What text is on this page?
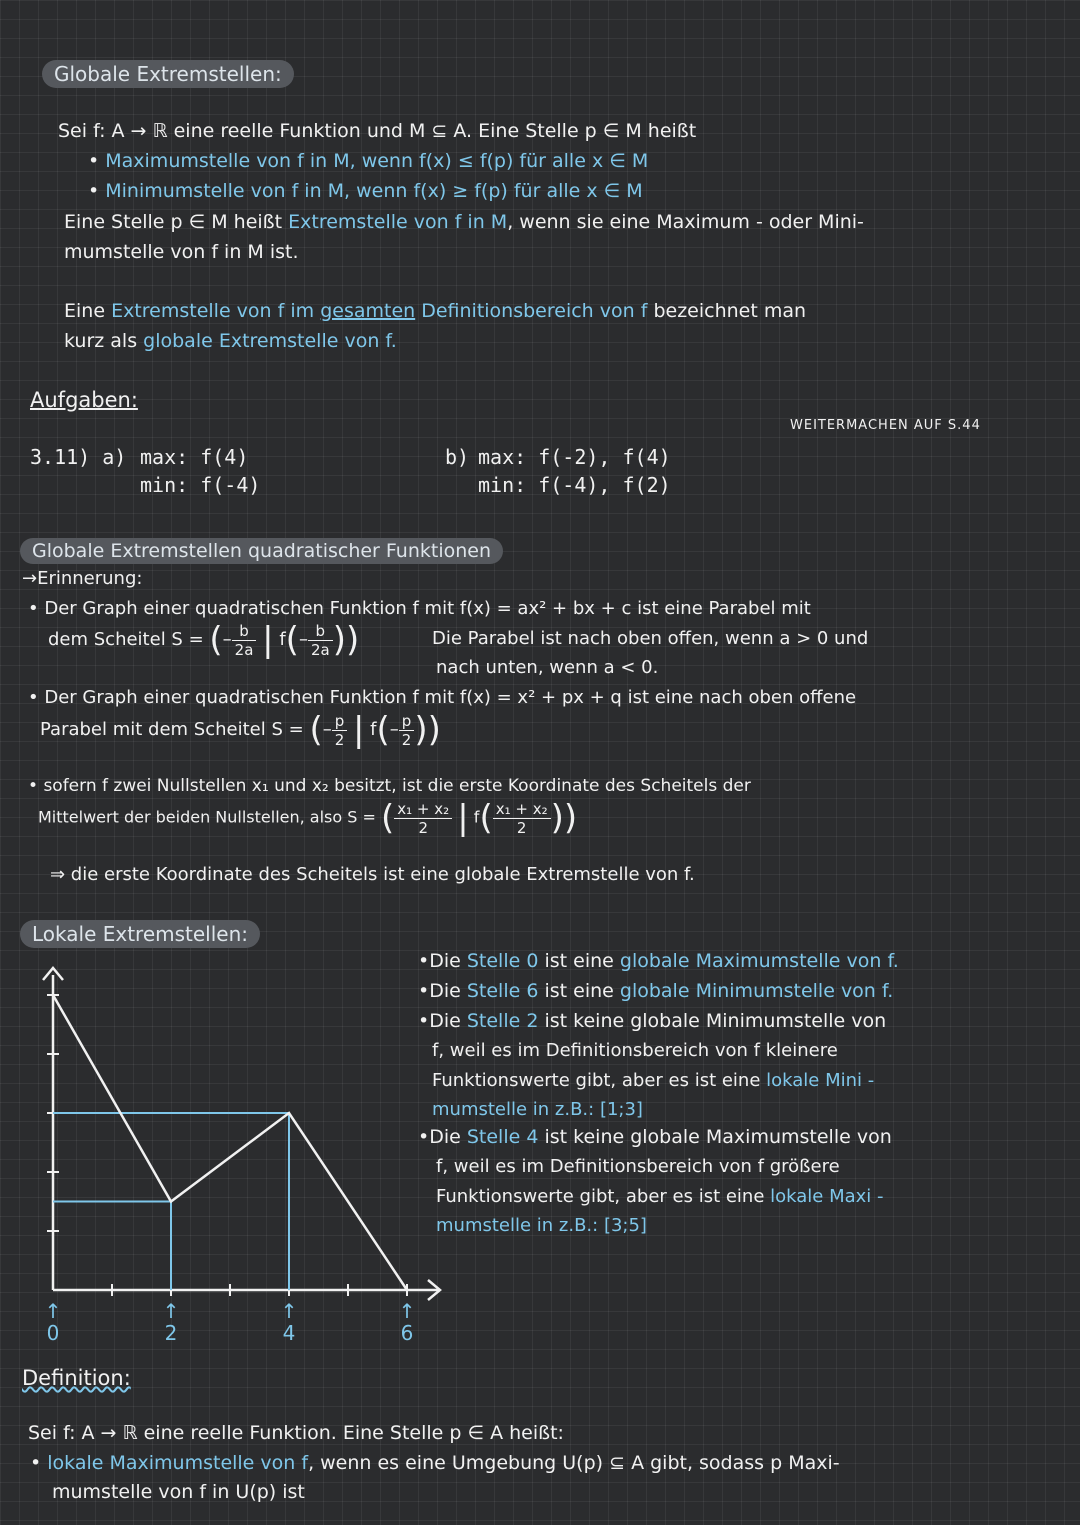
Globale Extremstellen:
Sei f: A → ℝ eine reelle Funktion und M ⊆ A. Eine Stelle p ∈ M heißt
• Maximumstelle von f in M, wenn f(x) ≤ f(p) für alle x ∈ M
• Minimumstelle von f in M, wenn f(x) ≥ f(p) für alle x ∈ M
Eine Stelle p ∈ M heißt Extremstelle von f in M, wenn sie eine Maximum - oder Mini-
mumstelle von f in M ist.
Eine Extremstelle von f im gesamten Definitionsbereich von f bezeichnet man
kurz als globale Extremstelle von f.
Aufgaben:
WEITERMACHEN AUF S.44
3.11) a) max: f(4)
min: f(-4)
b) max: f(-2), f(4)
min: f(-4), f(2)
Globale Extremstellen quadratischer Funktionen
→Erinnerung:
• Der Graph einer quadratischen Funktion f mit f(x) = ax² + bx + c ist eine Parabel mit
dem Scheitel S = (– $\frac{b}{2a}$ | $f(- \frac{b}{2a}$ ))	Die Parabel ist nach oben offen, wenn a > 0 und
nach unten, wenn a < 0.
• Der Graph einer quadratischen Funktion f mit f(x) = x² + px + q ist eine nach oben offene
Parabel mit dem Scheitel S = (– $\frac{p}{2}$ | $f(- \frac{p}{2}$ ))
• sofern f zwei Nullstellen x₁ und x₂ besitzt, ist die erste Koordinate des Scheitels der
Mittelwert der beiden Nullstellen, also S = ( $\frac{\text{x₁ + x₂}}{2}$ | $f( \frac{\text{x₁ + x₂}}{2}$ ))
⇒ die erste Koordinate des Scheitels ist eine globale Extremstelle von f.
Lokale Extremstellen:
↑
0
↑
2
↑
4
↑
6
•Die Stelle 0 ist eine globale Maximumstelle von f.
•Die Stelle 6 ist eine globale Minimumstelle von f.
•Die Stelle 2 ist keine globale Minimumstelle von
f, weil es im Definitionsbereich von f kleinere
Funktionswerte gibt, aber es ist eine lokale Mini -
mumstelle in z.B.: [1;3]
•Die Stelle 4 ist keine globale Maximumstelle von
f, weil es im Definitionsbereich von f größere
Funktionswerte gibt, aber es ist eine lokale Maxi -
mumstelle in z.B.: [3;5]
Definition:
Sei f: A → ℝ eine reelle Funktion. Eine Stelle p ∈ A heißt:
• lokale Maximumstelle von f, wenn es eine Umgebung U(p) ⊆ A gibt, sodass p Maxi-
mumstelle von f in U(p) ist
